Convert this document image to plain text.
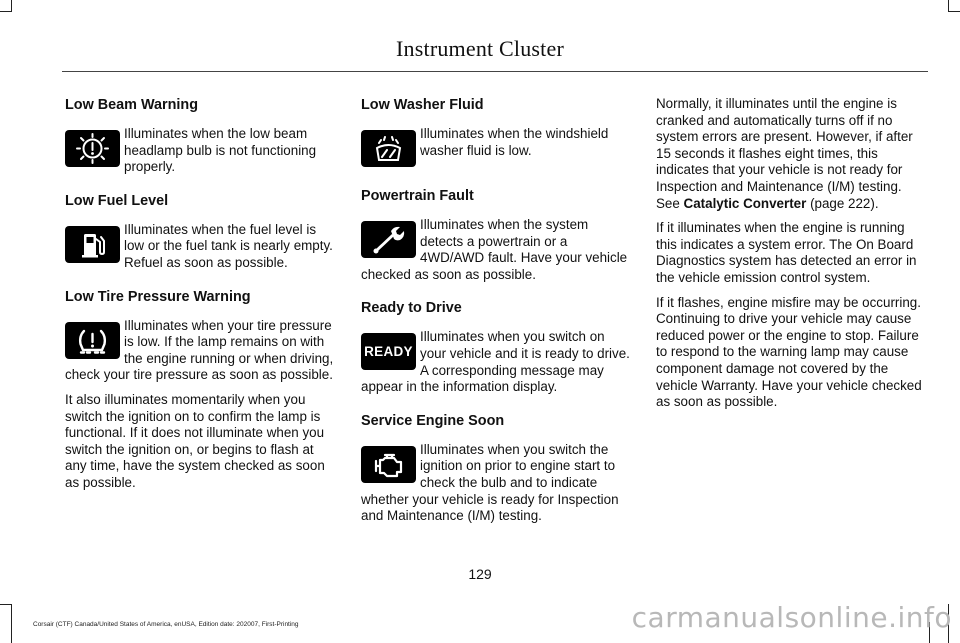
Instrument Cluster
Low Beam Warning

Illuminates when the low beam headlamp bulb is not functioning properly.

Low Fuel Level

Illuminates when the fuel level is low or the fuel tank is nearly empty. Refuel as soon as possible.

Low Tire Pressure Warning

Illuminates when your tire pressure is low. If the lamp remains on with the engine running or when driving, check your tire pressure as soon as possible.

It also illuminates momentarily when you switch the ignition on to confirm the lamp is functional. If it does not illuminate when you switch the ignition on, or begins to flash at any time, have the system checked as soon as possible.

Low Washer Fluid

Illuminates when the windshield washer fluid is low.

Powertrain Fault

Illuminates when the system detects a powertrain or a 4WD/AWD fault. Have your vehicle checked as soon as possible.

Ready to Drive
READY

Illuminates when you switch on your vehicle and it is ready to drive. A corresponding message may appear in the information display.

Service Engine Soon

Illuminates when you switch the ignition on prior to engine start to check the bulb and to indicate whether your vehicle is ready for Inspection and Maintenance (I/M) testing.

Normally, it illuminates until the engine is cranked and automatically turns off if no system errors are present. However, if after 15 seconds it flashes eight times, this indicates that your vehicle is not ready for Inspection and Maintenance (I/M) testing. See Catalytic Converter (page 222).

If it illuminates when the engine is running this indicates a system error. The On Board Diagnostics system has detected an error in the vehicle emission control system.

If it flashes, engine misfire may be occurring. Continuing to drive your vehicle may cause reduced power or the engine to stop. Failure to respond to the warning lamp may cause component damage not covered by the vehicle Warranty. Have your vehicle checked as soon as possible.

129
Corsair (CTF) Canada/United States of America, enUSA, Edition date: 202007, First-Printing	carmanualsonline.info
